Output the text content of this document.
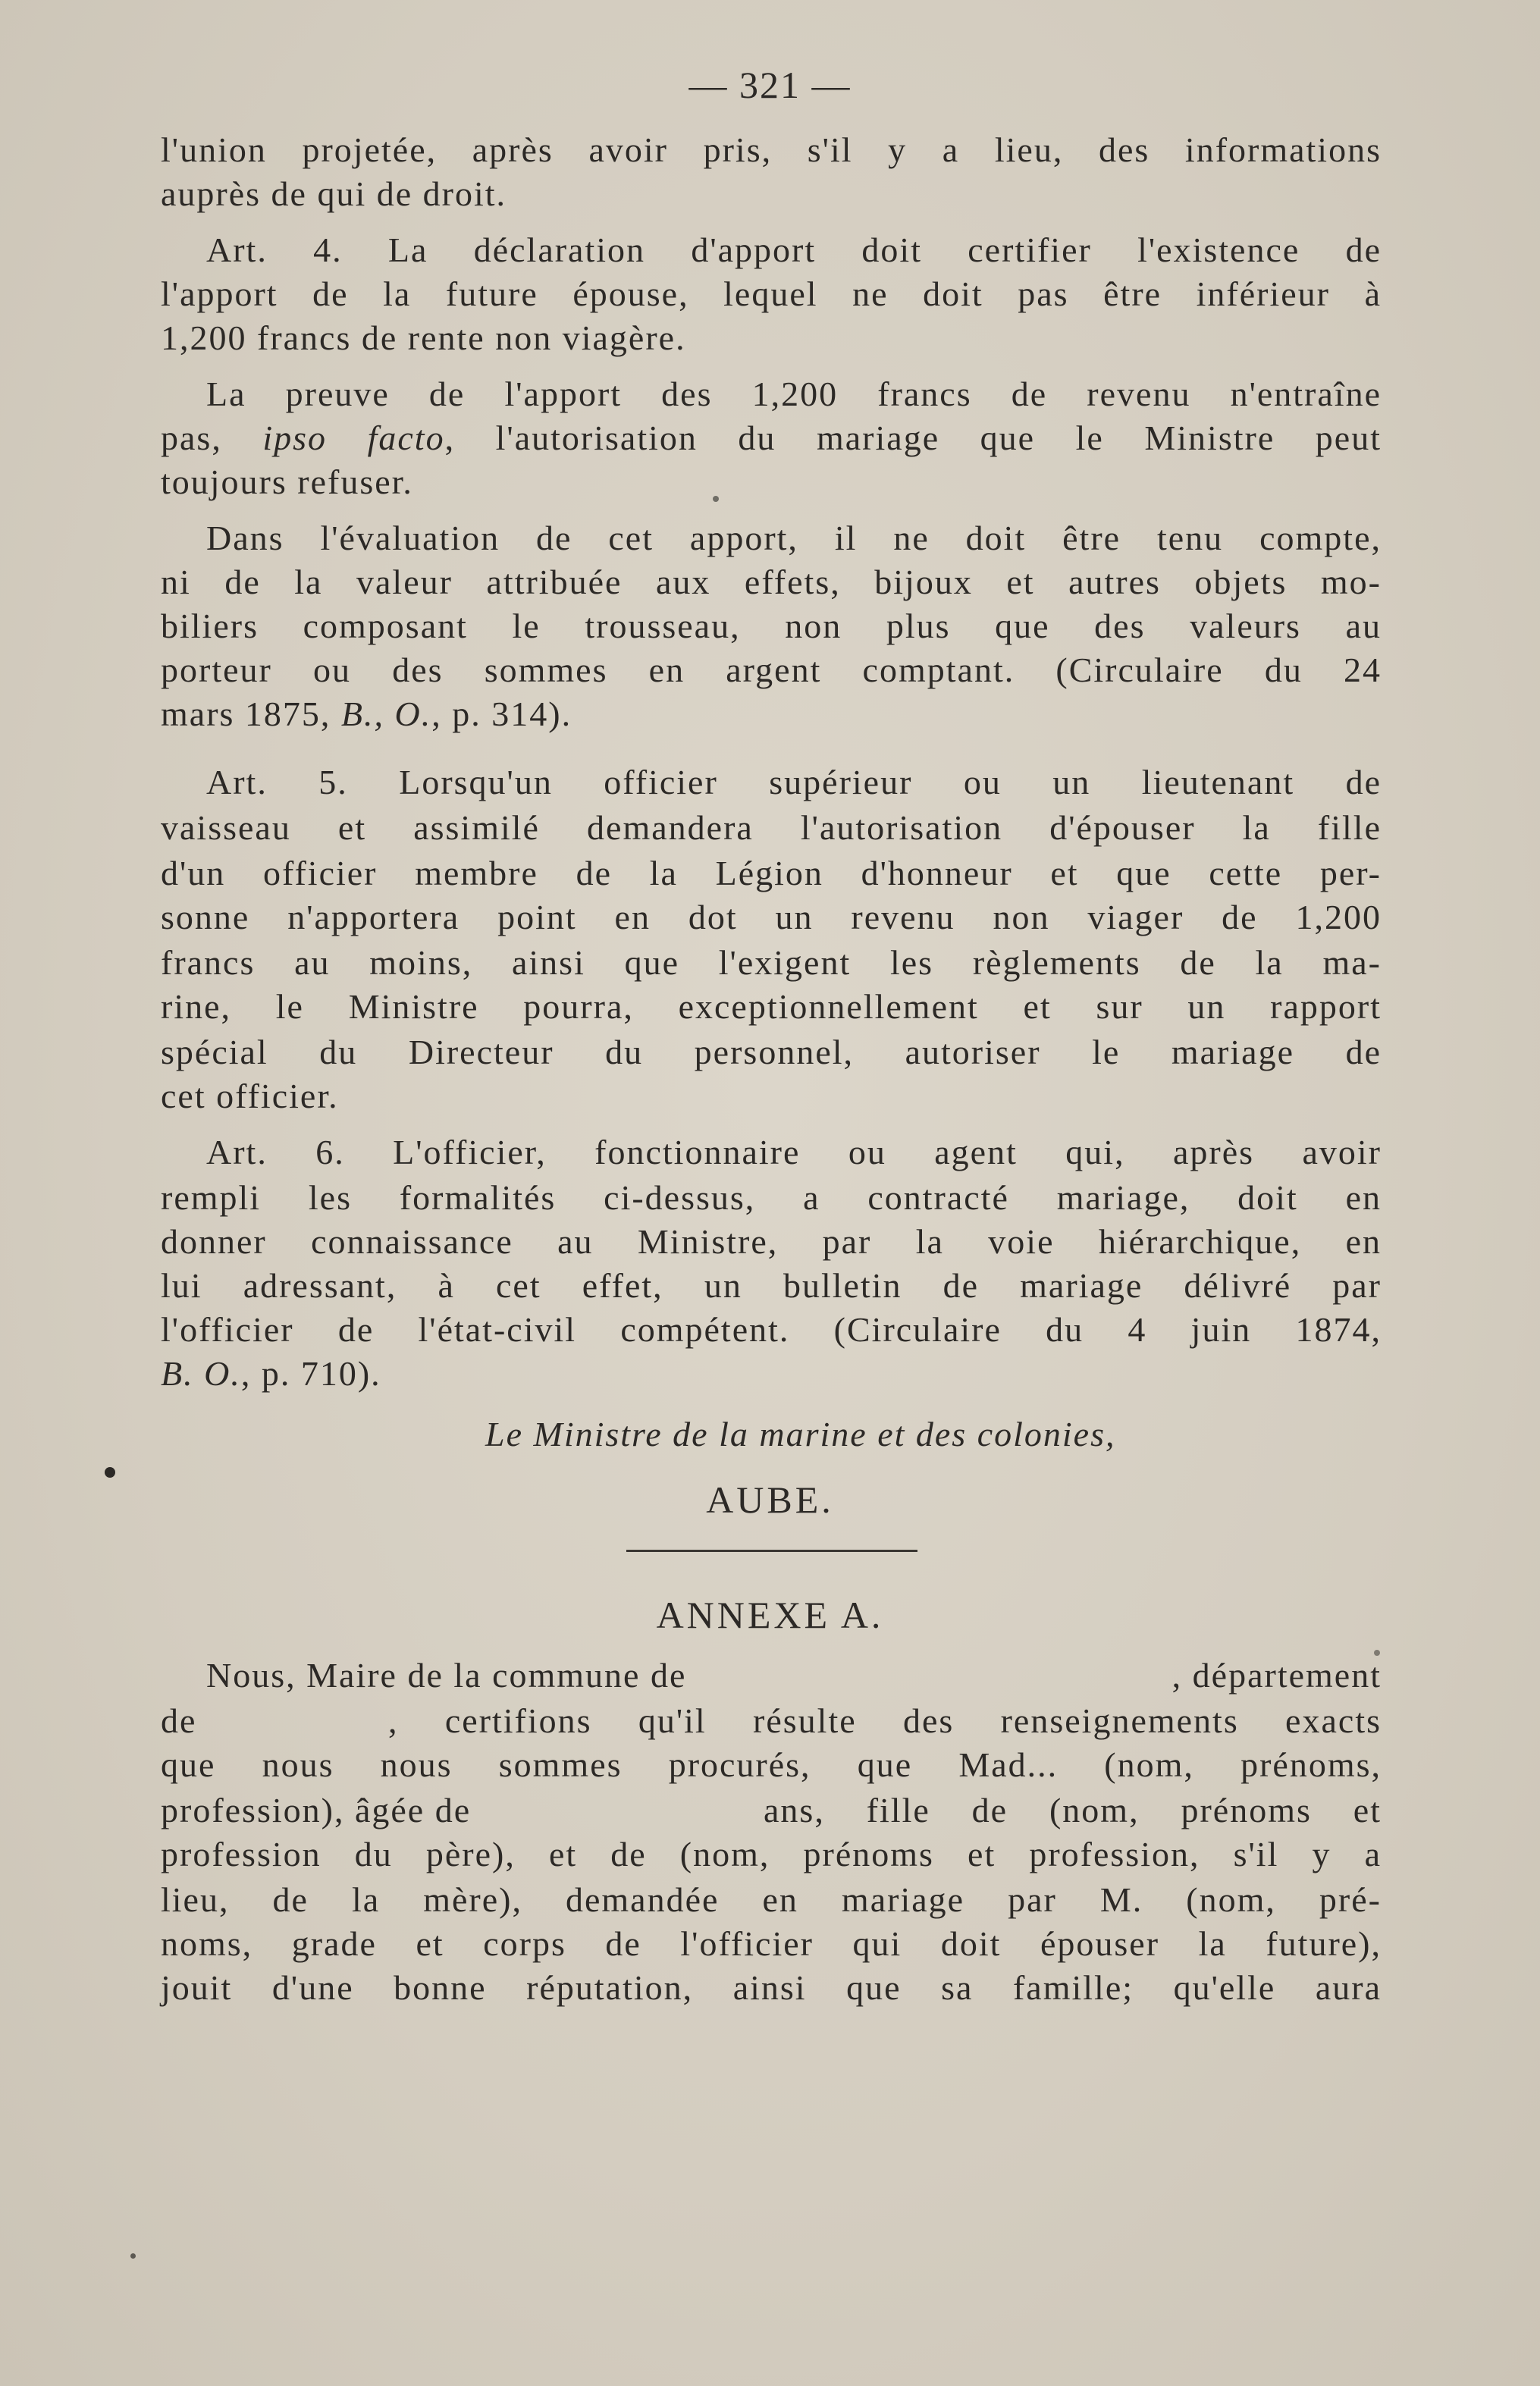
— 321 —
l'union projetée, après avoir pris, s'il y a lieu, des informations
auprès de qui de droit.
Art. 4. La déclaration d'apport doit certifier l'existence de
l'apport de la future épouse, lequel ne doit pas être inférieur à
1,200 francs de rente non viagère.
La preuve de l'apport des 1,200 francs de revenu n'entraîne
pas, ipso facto, l'autorisation du mariage que le Ministre peut
toujours refuser.
Dans l'évaluation de cet apport, il ne doit être tenu compte,
ni de la valeur attribuée aux effets, bijoux et autres objets mo-
biliers composant le trousseau, non plus que des valeurs au
porteur ou des sommes en argent comptant. (Circulaire du 24
mars 1875, B., O., p. 314).
Art. 5. Lorsqu'un officier supérieur ou un lieutenant de
vaisseau et assimilé demandera l'autorisation d'épouser la fille
d'un officier membre de la Légion d'honneur et que cette per-
sonne n'apportera point en dot un revenu non viager de 1,200
francs au moins, ainsi que l'exigent les règlements de la ma-
rine, le Ministre pourra, exceptionnellement et sur un rapport
spécial du Directeur du personnel, autoriser le mariage de
cet officier.
Art. 6. L'officier, fonctionnaire ou agent qui, après avoir
rempli les formalités ci-dessus, a contracté mariage, doit en
donner connaissance au Ministre, par la voie hiérarchique, en
lui adressant, à cet effet, un bulletin de mariage délivré par
l'officier de l'état-civil compétent. (Circulaire du 4 juin 1874,
B. O., p. 710).
Le Ministre de la marine et des colonies,
AUBE.
ANNEXE A.
Nous, Maire de la commune de	, département
de	, certifions qu'il résulte des renseignements exacts
que nous nous sommes procurés, que Mad... (nom, prénoms,
profession), âgée de	ans, fille de (nom, prénoms et
profession du père), et de (nom, prénoms et profession, s'il y a
lieu, de la mère), demandée en mariage par M. (nom, pré-
noms, grade et corps de l'officier qui doit épouser la future),
jouit d'une bonne réputation, ainsi que sa famille; qu'elle aura
